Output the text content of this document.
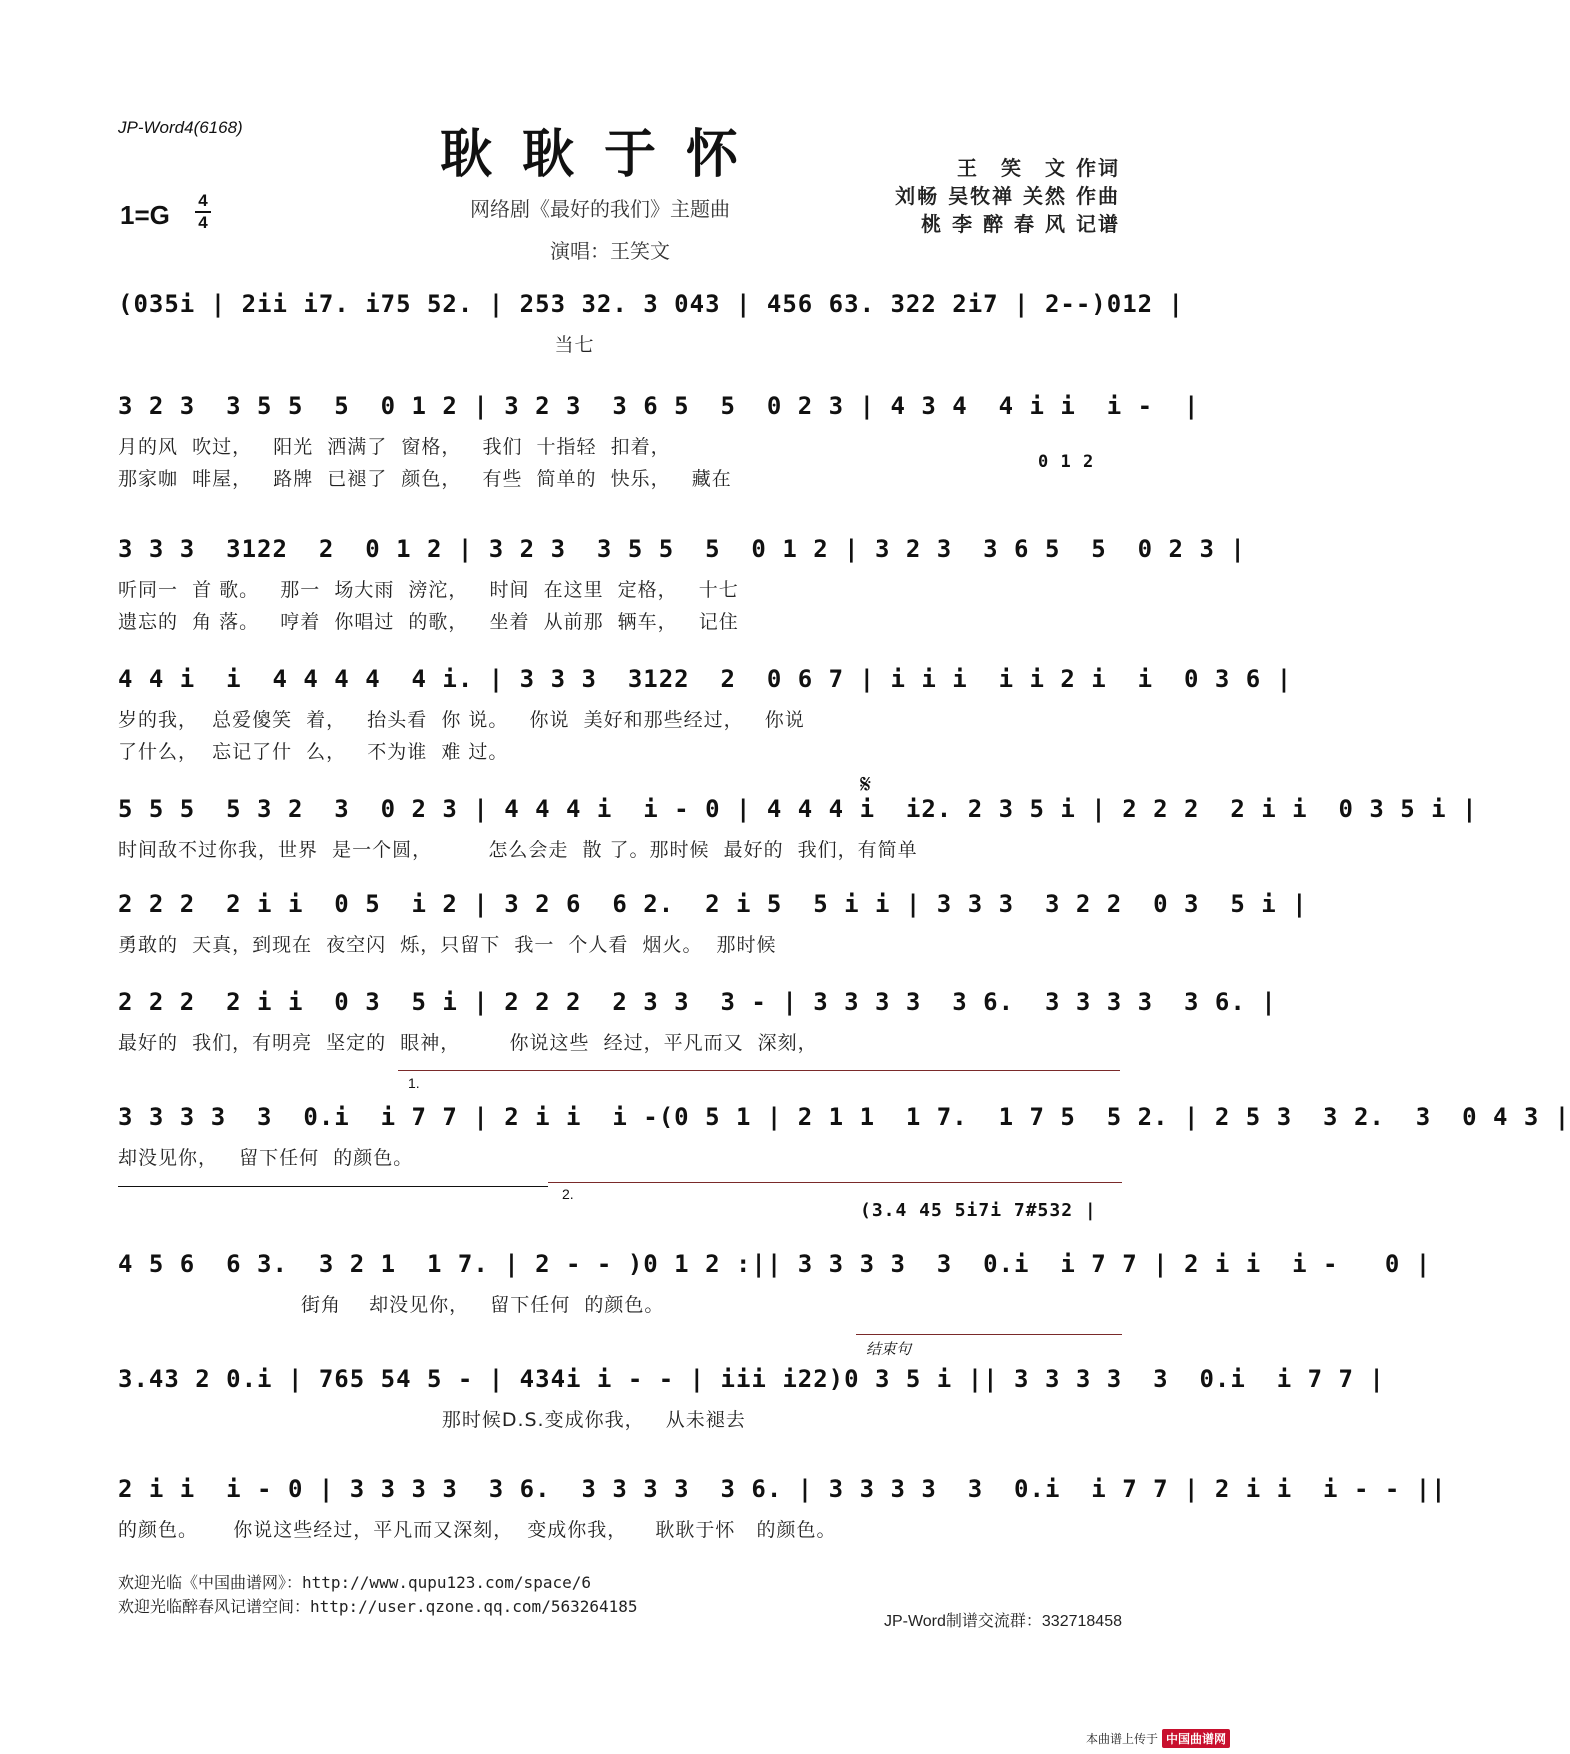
JP-Word4(6168)	耿耿于怀
1=G 4
4
网络剧《最好的我们》主题曲
演唱：王笑文
王　笑　文 作词
刘畅 吴牧禅 关然 作曲
桃 李 醉 春 风 记谱
(035i | 2ii i7. i75 52. | 253 32. 3 043 | 456 63. 322 2i7 | 2--)012 |
当七
3 2 3  3 5 5  5  0 1 2 | 3 2 3  3 6 5  5  0 2 3 | 4 3 4  4 i i  i -  |
月的风  吹过，   阳光  洒满了  窗格，   我们  十指轻  扣着，
那家咖  啡屋，   路牌  已褪了  颜色，   有些  简单的  快乐，   藏在
3 3 3  3122  2  0 1 2 | 3 2 3  3 5 5  5  0 1 2 | 3 2 3  3 6 5  5  0 2 3 |
听同一  首 歌。   那一  场大雨  滂沱，   时间  在这里  定格，   十七
遗忘的  角 落。   哼着  你唱过  的歌，   坐着  从前那  辆车，   记住
4 4 i  i  4 4 4 4  4 i. | 3 3 3  3122  2  0 6 7 | i i i  i i 2 i  i  0 3 6 |
岁的我，  总爱傻笑  着，   抬头看  你 说。   你说  美好和那些经过，   你说
了什么，  忘记了什  么，   不为谁  难 过。
5 5 5  5 3 2  3  0 2 3 | 4 4 4 i  i - 0 | 4 4 4 i  i2. 2 3 5 i | 2 2 2  2 i i  0 3 5 i |
时间敌不过你我，世界  是一个圆，        怎么会走  散 了。那时候  最好的  我们，有简单
2 2 2  2 i i  0 5  i 2 | 3 2 6  6 2.  2 i 5  5 i i | 3 3 3  3 2 2  0 3  5 i |
勇敢的  天真，到现在  夜空闪  烁，只留下  我一  个人看  烟火。  那时候
2 2 2  2 i i  0 3  5 i | 2 2 2  2 3 3  3 - | 3 3 3 3  3 6.  3 3 3 3  3 6. |
最好的  我们，有明亮  坚定的  眼神，       你说这些  经过，平凡而又  深刻，
3 3 3 3  3  0.i  i 7 7 | 2 i i  i -(0 5 1 | 2 1 1  1 7.  1 7 5  5 2. | 2 5 3  3 2.  3  0 4 3 |
却没见你，   留下任何  的颜色。
4 5 6  6 3.  3 2 1  1 7. | 2 - - )0 1 2 :|| 3 3 3 3  3  0.i  i 7 7 | 2 i i  i -   0 |
街角    却没见你，   留下任何  的颜色。
3.43 2 0.i | 765 54 5 - | 434i i - - | iii i22)0 3 5 i || 3 3 3 3  3  0.i  i 7 7 |
那时候D.S.变成你我，   从未褪去
2 i i  i - 0 | 3 3 3 3  3 6.  3 3 3 3  3 6. | 3 3 3 3  3  0.i  i 7 7 | 2 i i  i - - ||
的颜色。     你说这些经过，平凡而又深刻，  变成你我，    耿耿于怀   的颜色。
𝄋
1.
2.
(3.4 45 5i7i 7#532 |
结束句
0 1 2
欢迎光临《中国曲谱网》：http://www.qupu123.com/space/6
欢迎光临醉春风记谱空间：http://user.qzone.qq.com/563264185
JP-Word制谱交流群：332718458
本曲谱上传于 中国曲谱网
